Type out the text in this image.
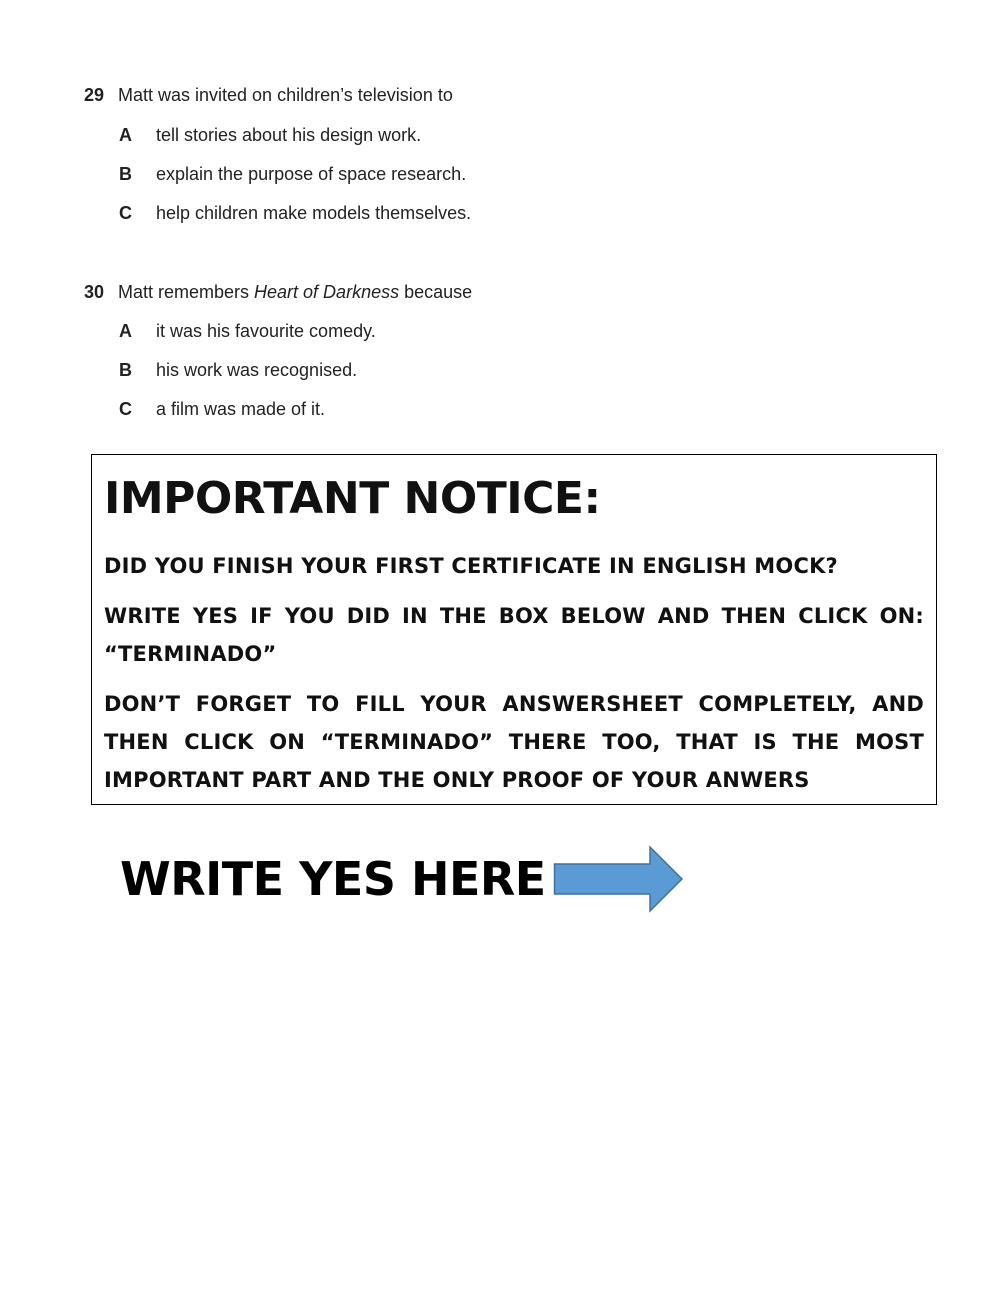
29 Matt was invited on children’s television to
A tell stories about his design work.
B explain the purpose of space research.
C help children make models themselves.
30 Matt remembers Heart of Darkness because
A it was his favourite comedy.
B his work was recognised.
C a film was made of it.
IMPORTANT NOTICE:

DID YOU FINISH YOUR FIRST CERTIFICATE IN ENGLISH MOCK?

WRITE YES IF YOU DID IN THE BOX BELOW AND THEN CLICK ON: “TERMINADO”

DON’T FORGET TO FILL YOUR ANSWERSHEET COMPLETELY, AND THEN CLICK ON “TERMINADO” THERE TOO, THAT IS THE MOST IMPORTANT PART AND THE ONLY PROOF OF YOUR ANWERS

WRITE YES HERE
